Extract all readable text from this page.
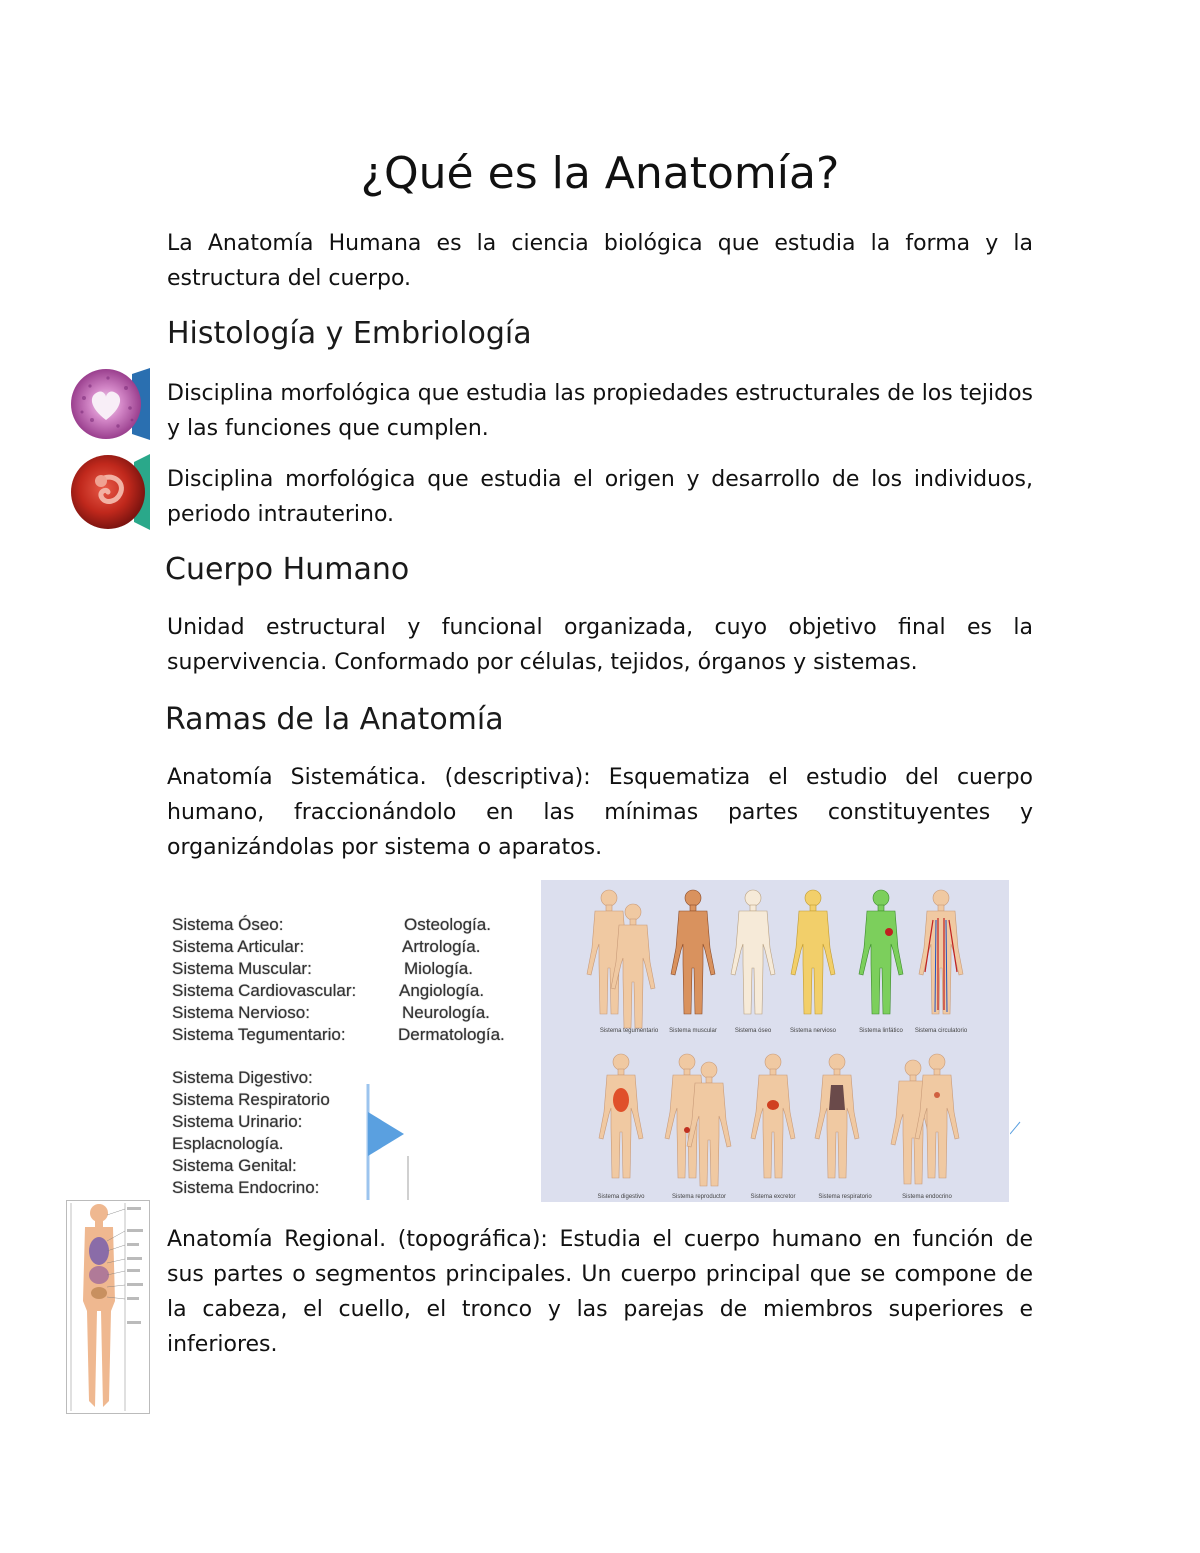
¿Qué es la Anatomía?
La Anatomía Humana es la ciencia biológica que estudia la forma y la estructura del cuerpo.
Histología y Embriología
Disciplina morfológica que estudia las propiedades estructurales de los tejidos y las funciones que cumplen.
Disciplina morfológica que estudia el origen y desarrollo de los individuos, periodo intrauterino.
Cuerpo Humano
Unidad estructural y funcional organizada, cuyo objetivo final es la supervivencia. Conformado por células, tejidos, órganos y sistemas.
Ramas de la Anatomía
Anatomía Sistemática. (descriptiva): Esquematiza el estudio del cuerpo humano, fraccionándolo en las mínimas partes constituyentes y organizándolas por sistema o aparatos.
Sistema Óseo:	Osteología.
Sistema Articular:	Artrología.
Sistema Muscular:	Miología.
Sistema Cardiovascular:	Angiología.
Sistema Nervioso:	Neurología.
Sistema Tegumentario:	Dermatología.
Sistema Digestivo:
Sistema Respiratorio
Sistema Urinario:
Esplacnología.
Sistema Genital:
Sistema Endocrino:
Sistema tegumentario Sistema muscular	Sistema óseo	Sistema nervioso	Sistema linfático Sistema circulatorio
Sistema digestivo	Sistema reproductor	Sistema excretor	Sistema respiratorio	Sistema endocrino
Anatomía Regional. (topográfica): Estudia el cuerpo humano en función de sus partes o segmentos principales. Un cuerpo principal que se compone de la cabeza, el cuello, el tronco y las parejas de miembros superiores e inferiores.
